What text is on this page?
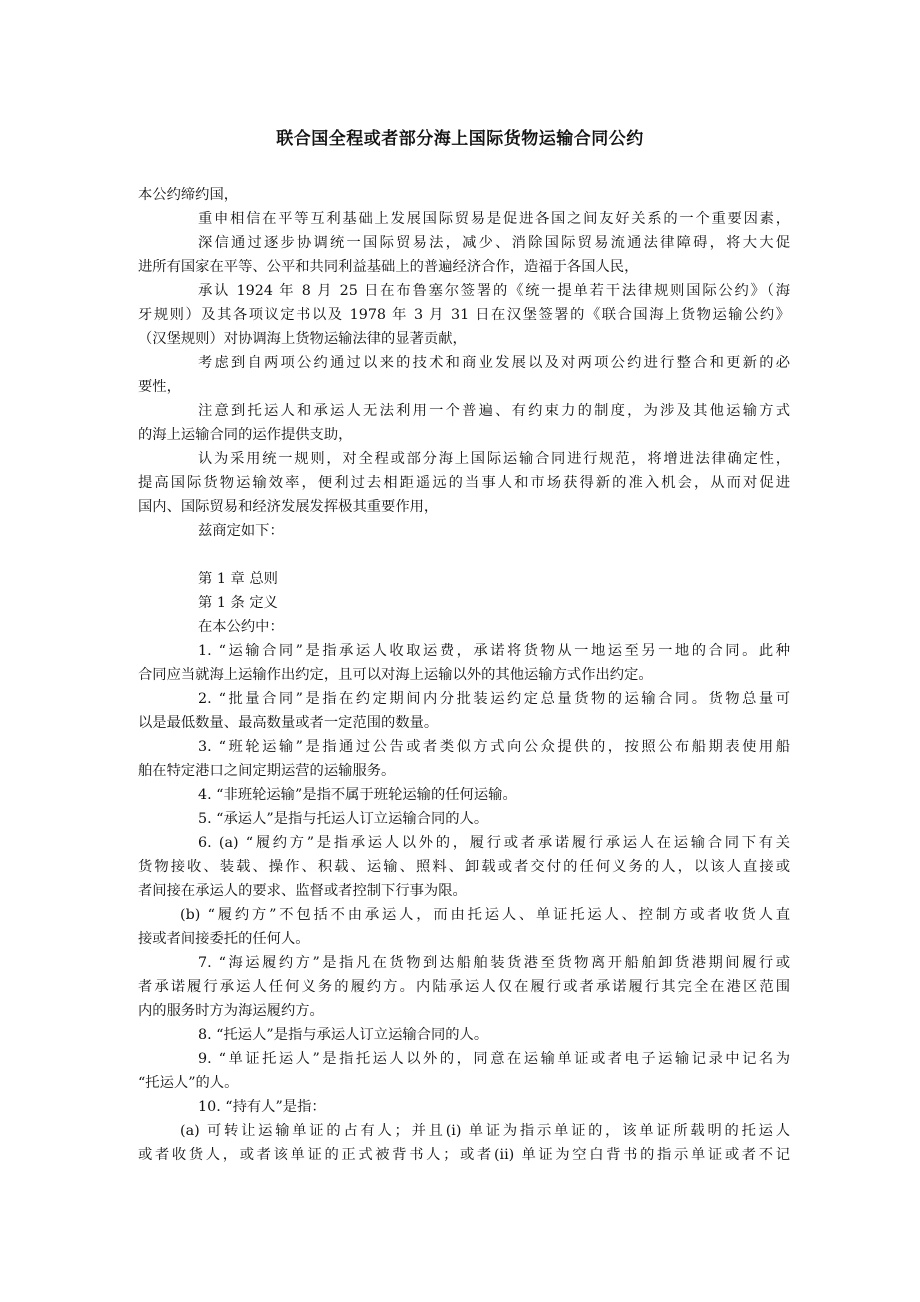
联合国全程或者部分海上国际货物运输合同公约
本公约缔约国，
重申相信在平等互利基础上发展国际贸易是促进各国之间友好关系的一个重要因素，
深信通过逐步协调统一国际贸易法，减少、消除国际贸易流通法律障碍，将大大促
进所有国家在平等、公平和共同利益基础上的普遍经济合作，造福于各国人民，
承认 1924 年 8 月 25 日在布鲁塞尔签署的《统一提单若干法律规则国际公约》（海
牙规则）及其各项议定书以及 1978 年 3 月 31 日在汉堡签署的《联合国海上货物运输公约》
（汉堡规则）对协调海上货物运输法律的显著贡献，
考虑到自两项公约通过以来的技术和商业发展以及对两项公约进行整合和更新的必
要性，
注意到托运人和承运人无法利用一个普遍、有约束力的制度，为涉及其他运输方式
的海上运输合同的运作提供支助，
认为采用统一规则，对全程或部分海上国际运输合同进行规范，将增进法律确定性，
提高国际货物运输效率，便利过去相距遥远的当事人和市场获得新的准入机会，从而对促进
国内、国际贸易和经济发展发挥极其重要作用，
兹商定如下：
第 1 章 总则
第 1 条 定义
在本公约中：
1. “运输合同”是指承运人收取运费，承诺将货物从一地运至另一地的合同。此种
合同应当就海上运输作出约定，且可以对海上运输以外的其他运输方式作出约定。
2. “批量合同”是指在约定期间内分批装运约定总量货物的运输合同。货物总量可
以是最低数量、最高数量或者一定范围的数量。
3. “班轮运输”是指通过公告或者类似方式向公众提供的，按照公布船期表使用船
舶在特定港口之间定期运营的运输服务。
4. “非班轮运输”是指不属于班轮运输的任何运输。
5. “承运人”是指与托运人订立运输合同的人。
6. (a) “履约方”是指承运人以外的，履行或者承诺履行承运人在运输合同下有关
货物接收、装载、操作、积载、运输、照料、卸载或者交付的任何义务的人，以该人直接或
者间接在承运人的要求、监督或者控制下行事为限。
(b) “履约方”不包括不由承运人，而由托运人、单证托运人、控制方或者收货人直
接或者间接委托的任何人。
7. “海运履约方”是指凡在货物到达船舶装货港至货物离开船舶卸货港期间履行或
者承诺履行承运人任何义务的履约方。内陆承运人仅在履行或者承诺履行其完全在港区范围
内的服务时方为海运履约方。
8. “托运人”是指与承运人订立运输合同的人。
9. “单证托运人”是指托运人以外的，同意在运输单证或者电子运输记录中记名为
“托运人”的人。
10. “持有人”是指：
(a) 可转让运输单证的占有人；并且(i) 单证为指示单证的，该单证所载明的托运人
或者收货人，或者该单证的正式被背书人；或者(ii) 单证为空白背书的指示单证或者不记
